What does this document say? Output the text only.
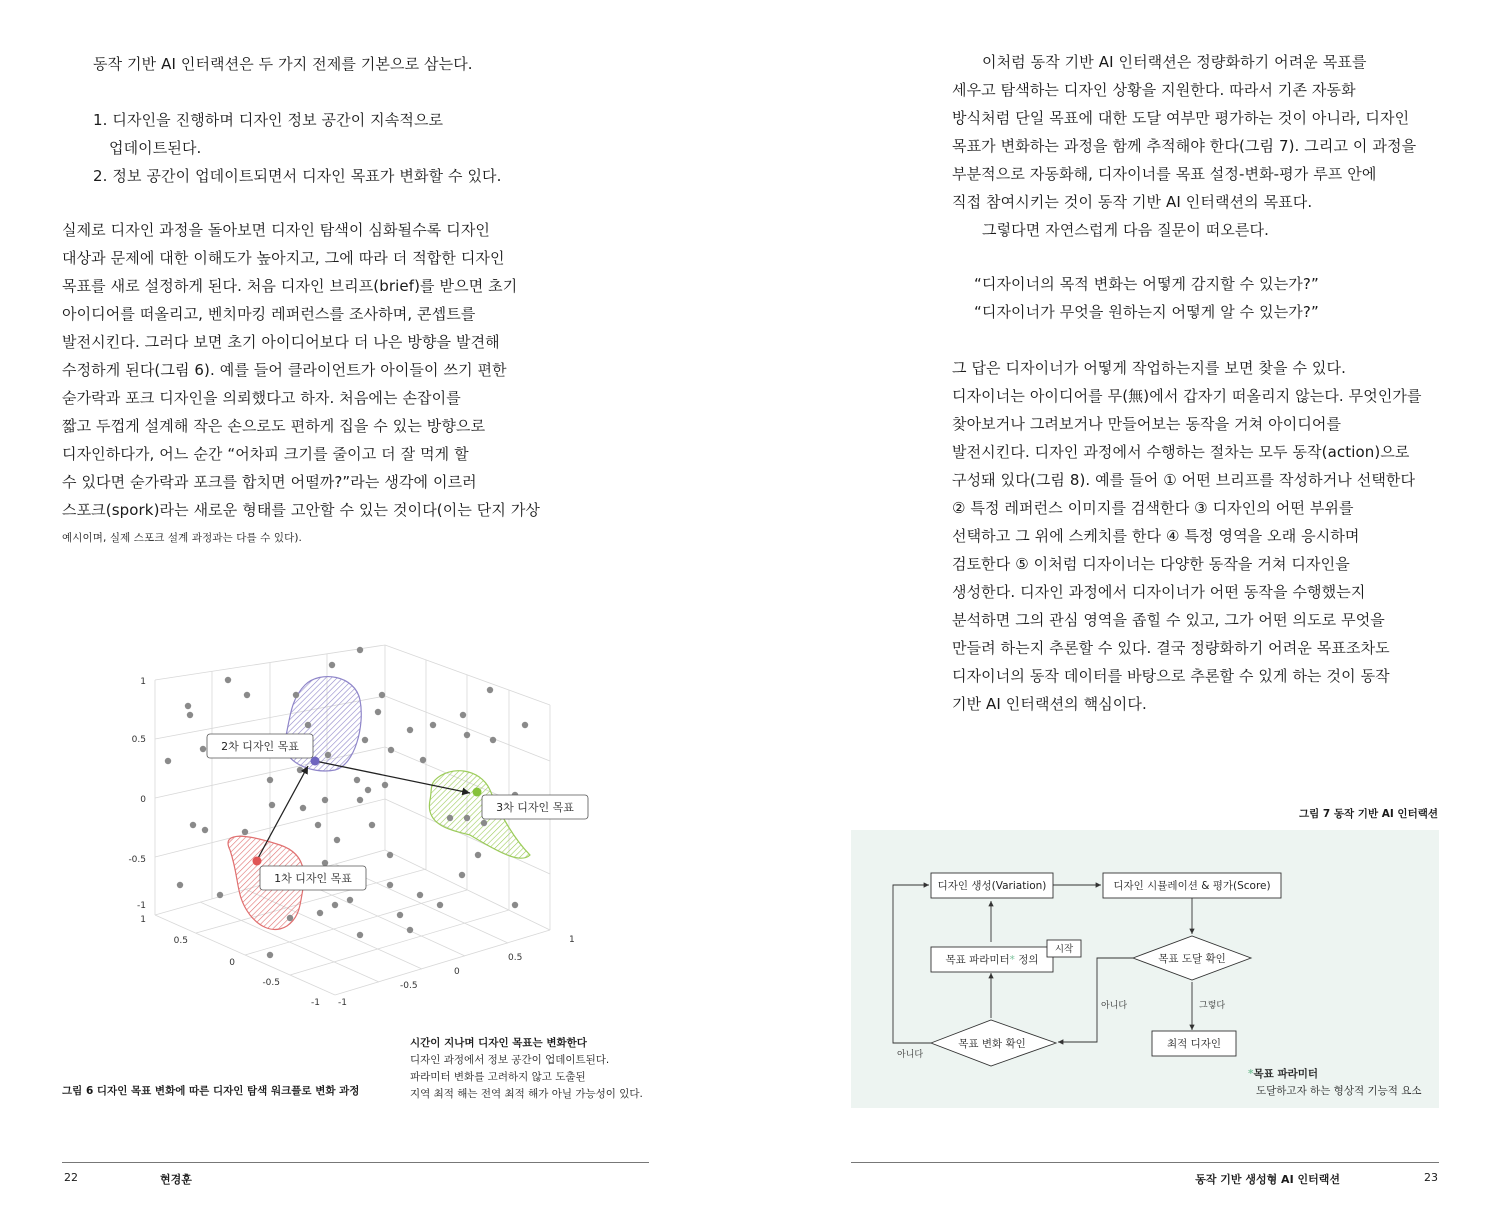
동작 기반 AI 인터랙션은 두 가지 전제를 기본으로 삼는다.
1. 디자인을 진행하며 디자인 정보 공간이 지속적으로
업데이트된다.
2. 정보 공간이 업데이트되면서 디자인 목표가 변화할 수 있다.
실제로 디자인 과정을 돌아보면 디자인 탐색이 심화될수록 디자인
대상과 문제에 대한 이해도가 높아지고, 그에 따라 더 적합한 디자인
목표를 새로 설정하게 된다. 처음 디자인 브리프(brief)를 받으면 초기
아이디어를 떠올리고, 벤치마킹 레퍼런스를 조사하며, 콘셉트를
발전시킨다. 그러다 보면 초기 아이디어보다 더 나은 방향을 발견해
수정하게 된다(그림 6). 예를 들어 클라이언트가 아이들이 쓰기 편한
숟가락과 포크 디자인을 의뢰했다고 하자. 처음에는 손잡이를
짧고 두껍게 설계해 작은 손으로도 편하게 집을 수 있는 방향으로
디자인하다가, 어느 순간 “어차피 크기를 줄이고 더 잘 먹게 할
수 있다면 숟가락과 포크를 합치면 어떨까?”라는 생각에 이르러
스포크(spork)라는 새로운 형태를 고안할 수 있는 것이다(이는 단지 가상
예시이며, 실제 스포크 설계 과정과는 다를 수 있다).
1차 디자인 목표
2차 디자인 목표
3차 디자인 목표
1
0.5
0
-0.5
-1
1
0.5
0
-0.5
-1
1
0.5
0
-0.5
-1
시간이 지나며 디자인 목표는 변화한다
디자인 과정에서 정보 공간이 업데이트된다.
파라미터 변화를 고려하지 않고 도출된
지역 최적 해는 전역 최적 해가 아닐 가능성이 있다.
그림 6 디자인 목표 변화에 따른 디자인 탐색 워크플로 변화 과정
22	현경훈
이처럼 동작 기반 AI 인터랙션은 정량화하기 어려운 목표를
세우고 탐색하는 디자인 상황을 지원한다. 따라서 기존 자동화
방식처럼 단일 목표에 대한 도달 여부만 평가하는 것이 아니라, 디자인
목표가 변화하는 과정을 함께 추적해야 한다(그림 7). 그리고 이 과정을
부분적으로 자동화해, 디자이너를 목표 설정-변화-평가 루프 안에
직접 참여시키는 것이 동작 기반 AI 인터랙션의 목표다.
그렇다면 자연스럽게 다음 질문이 떠오른다.
“디자이너의 목적 변화는 어떻게 감지할 수 있는가?”
“디자이너가 무엇을 원하는지 어떻게 알 수 있는가?”
그 답은 디자이너가 어떻게 작업하는지를 보면 찾을 수 있다.
디자이너는 아이디어를 무(無)에서 갑자기 떠올리지 않는다. 무엇인가를
찾아보거나 그려보거나 만들어보는 동작을 거쳐 아이디어를
발전시킨다. 디자인 과정에서 수행하는 절차는 모두 동작(action)으로
구성돼 있다(그림 8). 예를 들어 ① 어떤 브리프를 작성하거나 선택한다
② 특정 레퍼런스 이미지를 검색한다 ③ 디자인의 어떤 부위를
선택하고 그 위에 스케치를 한다 ④ 특정 영역을 오래 응시하며
검토한다 ⑤ 이처럼 디자이너는 다양한 동작을 거쳐 디자인을
생성한다. 디자인 과정에서 디자이너가 어떤 동작을 수행했는지
분석하면 그의 관심 영역을 좁힐 수 있고, 그가 어떤 의도로 무엇을
만들려 하는지 추론할 수 있다. 결국 정량화하기 어려운 목표조차도
디자이너의 동작 데이터를 바탕으로 추론할 수 있게 하는 것이 동작
기반 AI 인터랙션의 핵심이다.
그림 7 동작 기반 AI 인터랙션
디자인 생성(Variation)	디자인 시뮬레이션 & 평가(Score)
목표 파라미터* 정의
시작
목표 도달 확인
목표 변화 확인	최적 디자인
아니다	그렇다
아니다
*목표 파라미터
도달하고자 하는 형상적 기능적 요소
동작 기반 생성형 AI 인터랙션	23
